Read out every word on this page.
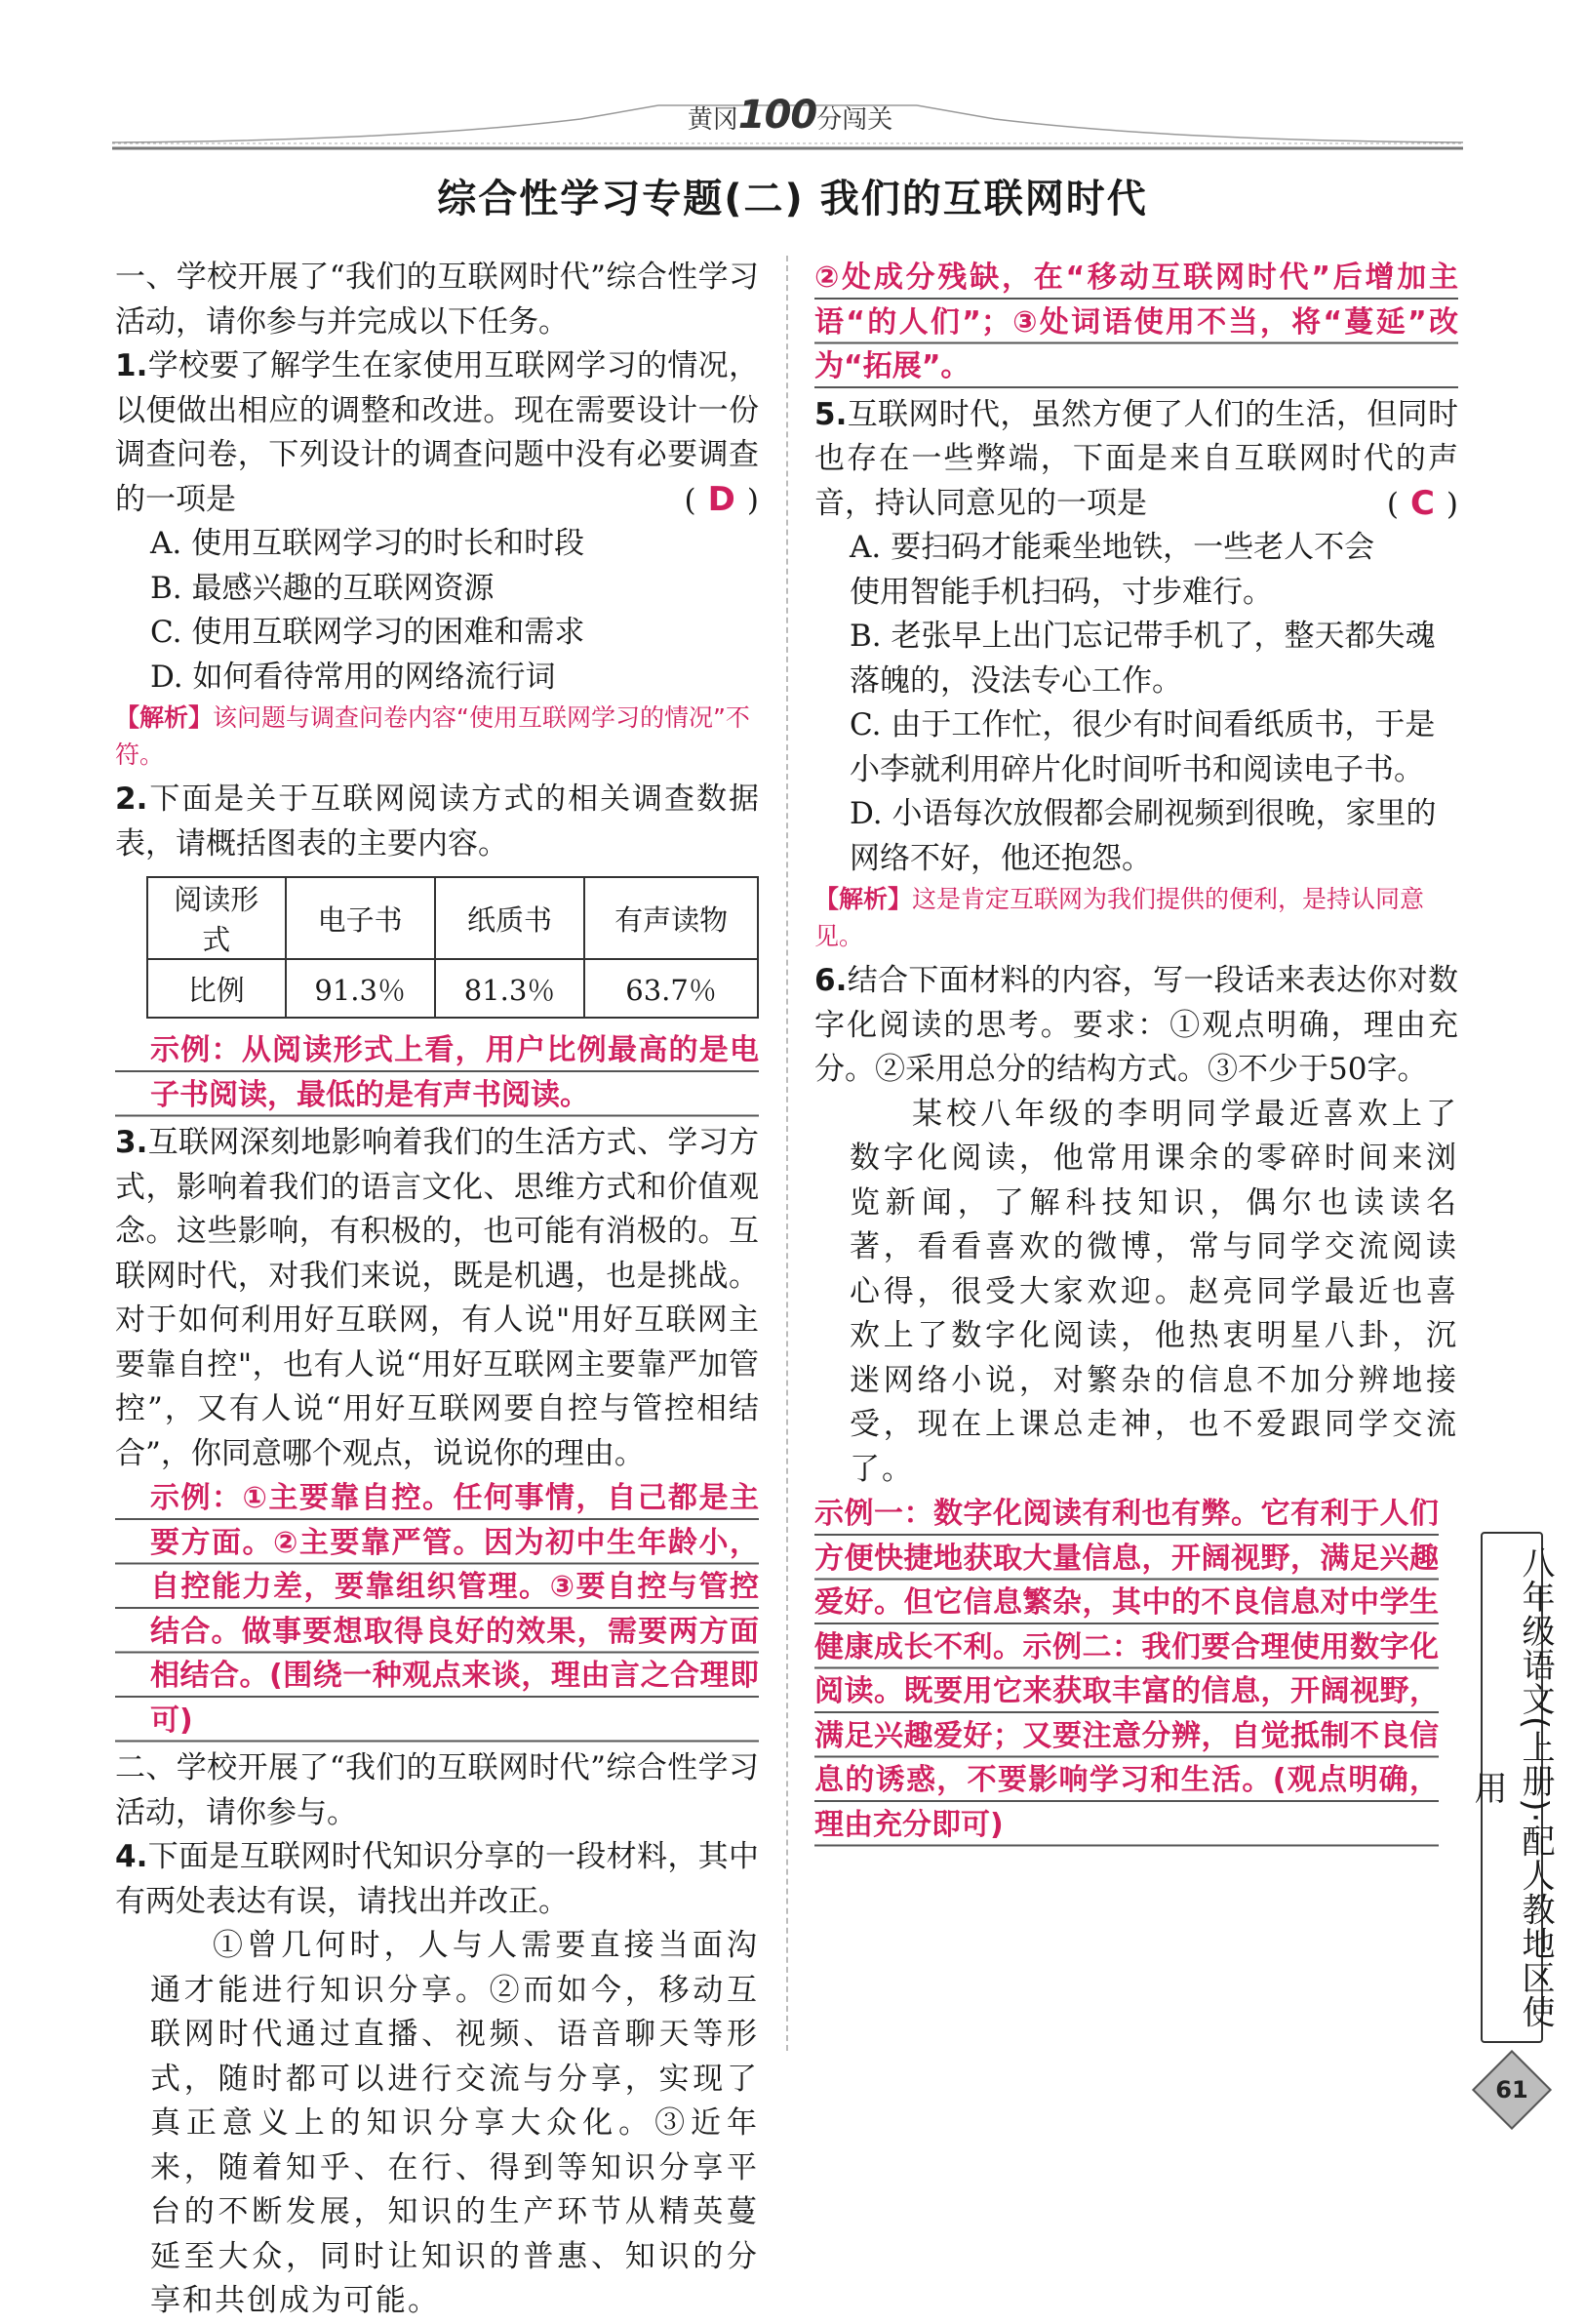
黄冈100分闯关
综合性学习专题(二) 我们的互联网时代

一、学校开展了“我们的互联网时代”综合性学习活动，请你参与并完成以下任务。

1.学校要了解学生在家使用互联网学习的情况，以便做出相应的调整和改进。现在需要设计一份调查问卷，下列设计的调查问题中没有必要调查的一项是	( D )

A. 使用互联网学习的时长和时段

B. 最感兴趣的互联网资源

C. 使用互联网学习的困难和需求

D. 如何看待常用的网络流行词

【解析】该问题与调查问卷内容“使用互联网学习的情况”不符。

2.下面是关于互联网阅读方式的相关调查数据表，请概括图表的主要内容。

阅读形式	电子书	纸质书	有声读物
比例	91.3％	81.3％	63.7％

示例：从阅读形式上看，用户比例最高的是电子书阅读，最低的是有声书阅读。

3.互联网深刻地影响着我们的生活方式、学习方式，影响着我们的语言文化、思维方式和价值观念。这些影响，有积极的，也可能有消极的。互联网时代，对我们来说，既是机遇，也是挑战。对于如何利用好互联网，有人说"用好互联网主要靠自控"，也有人说“用好互联网主要靠严加管控”，又有人说“用好互联网要自控与管控相结合”，你同意哪个观点，说说你的理由。

示例：①主要靠自控。任何事情，自己都是主要方面。②主要靠严管。因为初中生年龄小，自控能力差，要靠组织管理。③要自控与管控结合。做事要想取得良好的效果，需要两方面相结合。(围绕一种观点来谈，理由言之合理即可)

二、学校开展了“我们的互联网时代”综合性学习活动，请你参与。

4.下面是互联网时代知识分享的一段材料，其中有两处表达有误，请找出并改正。

①曾几何时，人与人需要直接当面沟通才能进行知识分享。②而如今，移动互联网时代通过直播、视频、语音聊天等形式，随时都可以进行交流与分享，实现了真正意义上的知识分享大众化。③近年来，随着知乎、在行、得到等知识分享平台的不断发展，知识的生产环节从精英蔓延至大众，同时让知识的普惠、知识的分享和共创成为可能。

②处成分残缺，在“移动互联网时代”后增加主语“的人们”；③处词语使用不当，将“蔓延”改为“拓展”。

5.互联网时代，虽然方便了人们的生活，但同时也存在一些弊端，下面是来自互联网时代的声音，持认同意见的一项是	( C )

A. 要扫码才能乘坐地铁，一些老人不会使用智能手机扫码，寸步难行。

B. 老张早上出门忘记带手机了，整天都失魂落魄的，没法专心工作。

C. 由于工作忙，很少有时间看纸质书，于是小李就利用碎片化时间听书和阅读电子书。

D. 小语每次放假都会刷视频到很晚，家里的网络不好，他还抱怨。

【解析】这是肯定互联网为我们提供的便利，是持认同意见。

6.结合下面材料的内容，写一段话来表达你对数字化阅读的思考。要求：①观点明确，理由充分。②采用总分的结构方式。③不少于50字。

某校八年级的李明同学最近喜欢上了数字化阅读，他常用课余的零碎时间来浏览新闻，了解科技知识，偶尔也读读名著，看看喜欢的微博，常与同学交流阅读心得，很受大家欢迎。赵亮同学最近也喜欢上了数字化阅读，他热衷明星八卦，沉迷网络小说，对繁杂的信息不加分辨地接受，现在上课总走神，也不爱跟同学交流了。

示例一：数字化阅读有利也有弊。它有利于人们方便快捷地获取大量信息，开阔视野，满足兴趣爱好。但它信息繁杂，其中的不良信息对中学生健康成长不利。示例二：我们要合理使用数字化阅读。既要用它来获取丰富的信息，开阔视野，满足兴趣爱好；又要注意分辨，自觉抵制不良信息的诱惑，不要影响学习和生活。(观点明确，理由充分即可)	八年级语文(上册)·配人教地区使用
61
